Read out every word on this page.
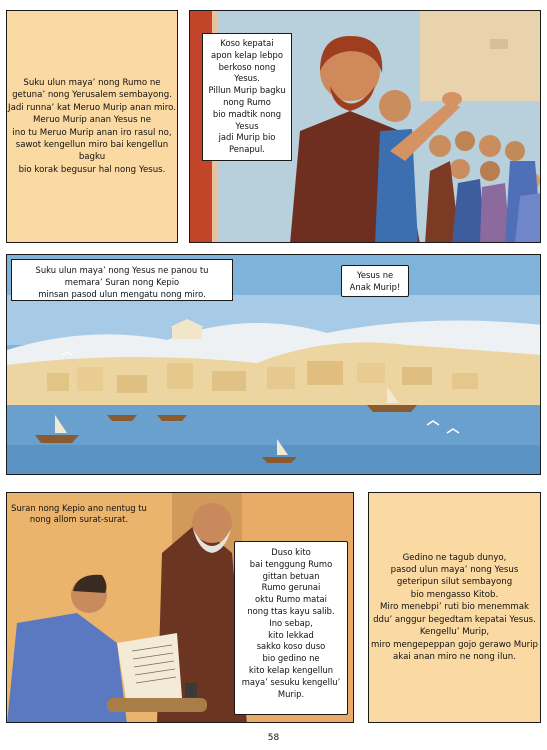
Suku ulun maya’ nong Rumo ne
getuna’ nong Yerusalem sembayong.
Jadi runna’ kat Meruo Murip anan miro.
Meruo Murip anan Yesus ne
ino tu Meruo Murip anan iro rasul no,
sawot kengellun miro bai kengellun bagku
bio korak begusur hal nong Yesus.
Koso kepatai
apon kelap lebpo
berkoso nong Yesus.
Pillun Murip bagku
nong Rumo
bio madtik nong Yesus
jadi Murip bio Penapul.
Suku ulun maya’ nong Yesus ne panou tu
memara’ Suran nong Kepio
minsan pasod ulun mengatu nong miro.
Yesus ne
Anak Murip!
Suran nong Kepio ano nentug tu
nong allom surat-surat.
Duso kito
bai tenggung Rumo
gittan betuan
Rumo gerunai
oktu Rumo matai
nong ttas kayu salib.
Ino sebap,
kito lekkad
sakko koso duso
bio gedino ne
kito kelap kengellun
maya’ sesuku kengellu’
Murip.
Gedino ne tagub dunyo,
pasod ulun maya’ nong Yesus
geteripun silut sembayong
bio mengasso Kitob.
Miro menebpi’ ruti bio menemmak
ddu’ anggur begedtam kepatai Yesus.
Kengellu’ Murip,
miro mengepeppan gojo gerawo Murip
akai anan miro ne nong ilun.
58
